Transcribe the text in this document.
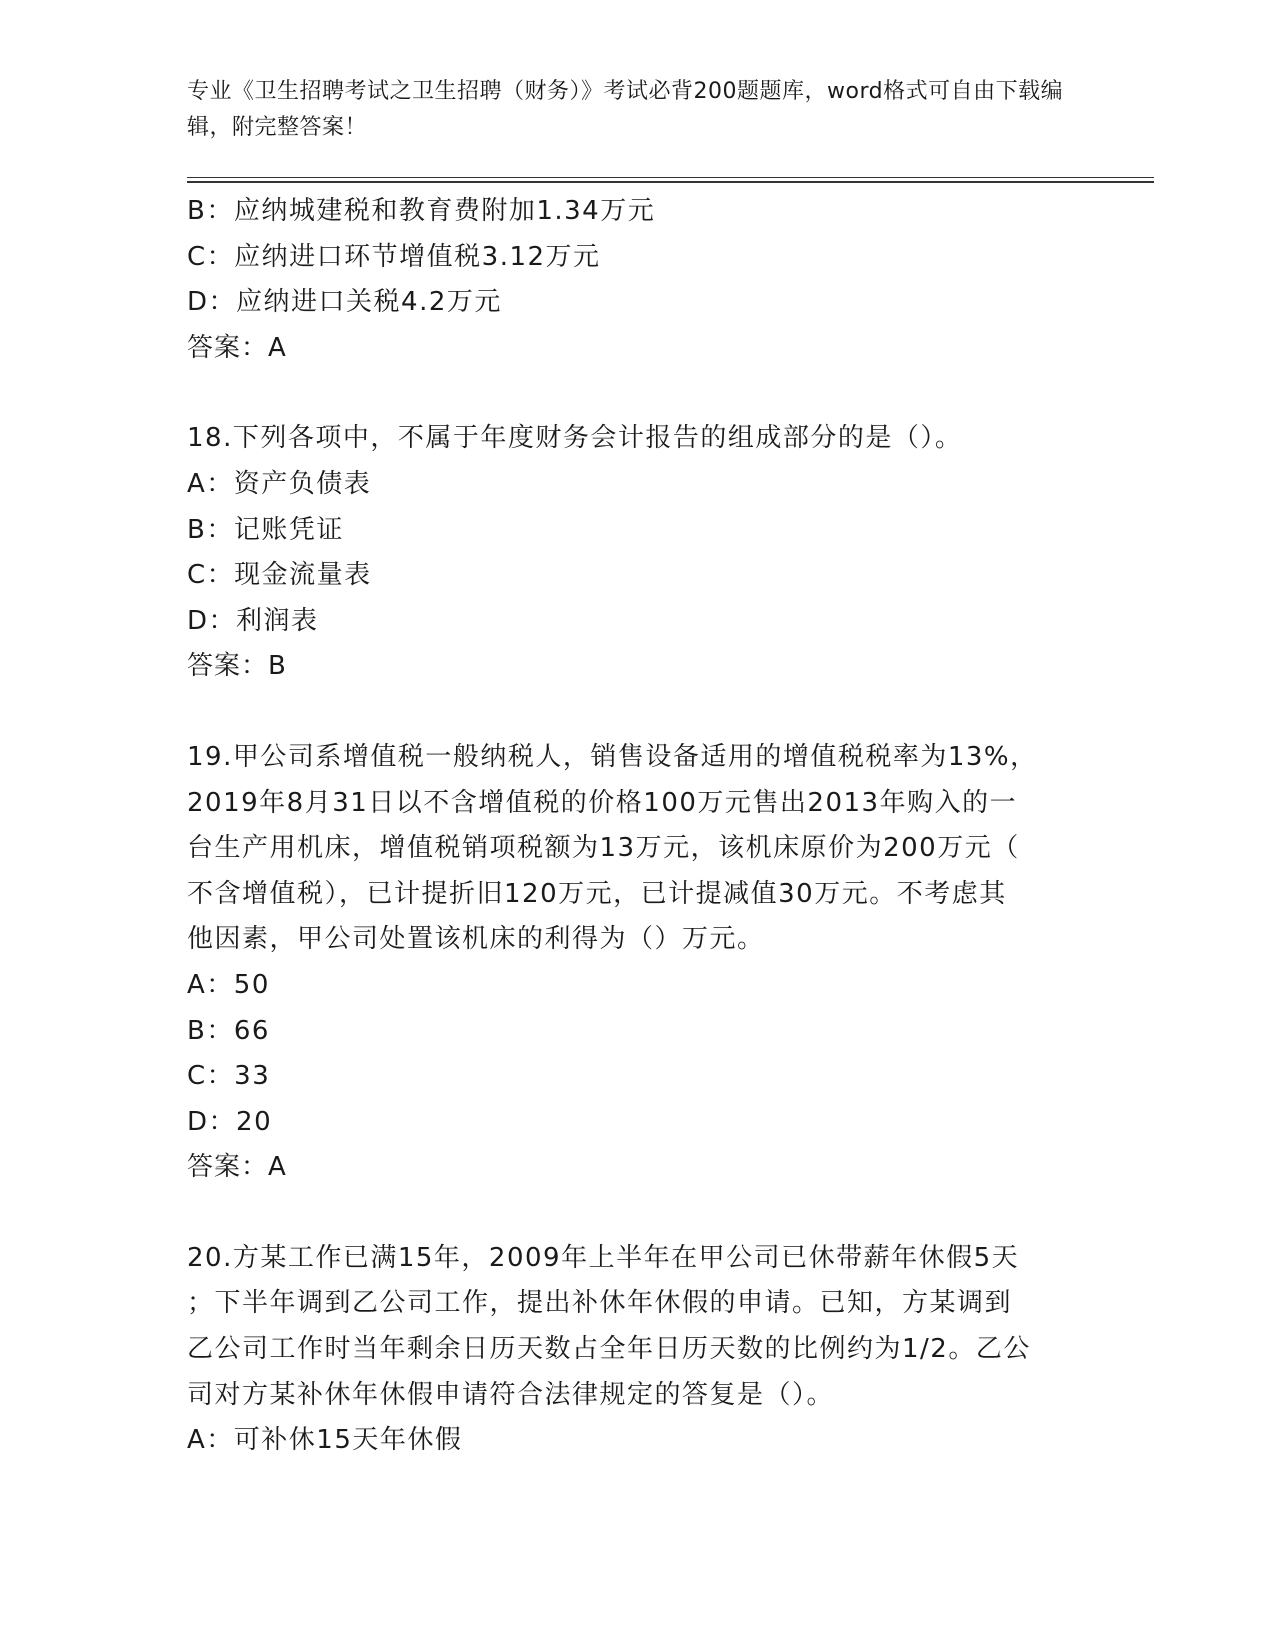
专业《卫生招聘考试之卫生招聘（财务）》考试必背200题题库，word格式可自由下载编辑，附完整答案！
B：应纳城建税和教育费附加1.34万元
C：应纳进口环节增值税3.12万元
D：应纳进口关税4.2万元
答案：A
18.下列各项中，不属于年度财务会计报告的组成部分的是（）。
A：资产负债表
B：记账凭证
C：现金流量表
D：利润表
答案：B
19.甲公司系增值税一般纳税人，销售设备适用的增值税税率为13%，
2019年8月31日以不含增值税的价格100万元售出2013年购入的一
台生产用机床，增值税销项税额为13万元，该机床原价为200万元（
不含增值税），已计提折旧120万元，已计提减值30万元。不考虑其
他因素，甲公司处置该机床的利得为（）万元。
A：50
B：66
C：33
D：20
答案：A
20.方某工作已满15年，2009年上半年在甲公司已休带薪年休假5天
；下半年调到乙公司工作，提出补休年休假的申请。已知，方某调到
乙公司工作时当年剩余日历天数占全年日历天数的比例约为1/2。乙公
司对方某补休年休假申请符合法律规定的答复是（）。
A：可补休15天年休假
